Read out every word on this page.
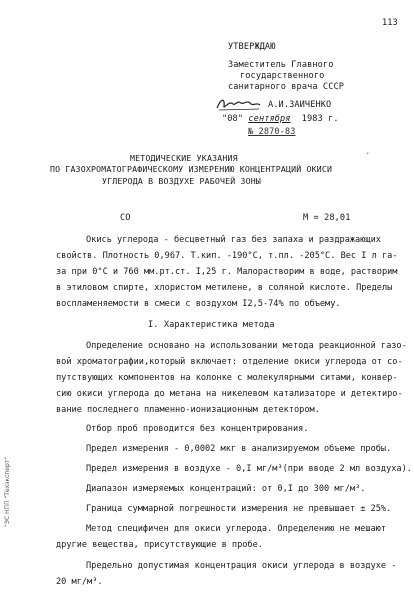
113
УТВЕРЖДАЮ
Заместитель Главного
государственного
санитарного врача СССР
А.И.ЗАИЧЕНКО
"08" сентября 1983 г.
№ 2870-83
МЕТОДИЧЕСКИЕ УКАЗАНИЯ
ПО ГАЗОХРОМАТОГРАФИЧЕСКОМУ ИЗМЕРЕНИЮ КОНЦЕНТРАЦИЙ ОКИСИ
′
УГЛЕРОДА В ВОЗДУХЕ РАБОЧЕЙ ЗОНЫ
СО	М = 28,01
Окись углерода - бесцветный газ без запаха и раздражающих
свойств. Плотность 0,967. Т.кип. -190°С, т.пл. -205°С. Вес I л га-
за при 0°С и 760 мм.рт.ст. I,25 г. Малорастворим в воде, растворим
в этиловом спирте, хлористом метилене, в соляной кислоте. Пределы
воспламеняемости в смеси с воздухом I2,5-74% по объему.
I. Характеристика метода
Определение основано на использовании метода реакционной газо-
вой хроматографии,который включает: отделение окиси углерода от со-
путствующих компонентов на колонке с молекулярными ситами, конвер-
сию окиси углерода до метана на никелевом катализаторе и детектиро-
вание последнего пламенно-ионизационным детектором.
Отбор проб проводится без концентрирования.
Предел измерения - 0,0002 мкг в анализируемом объеме пробы.
Предел измерения в воздухе - 0,I мг/м³(при вводе 2 мл воздуха).
Диапазон измеряемых концентраций: от 0,I до 300 мг/м³.
Граница суммарной погрешности измерения не превышает ± 25%.
Метод специфичен для окиси углерода. Определению не мешают
другие вещества, присутствующие в пробе.
Предельно допустимая концентрация окиси углерода в воздухе -
20 мг/м³.
"ЭС НПП "Техэксперт"
